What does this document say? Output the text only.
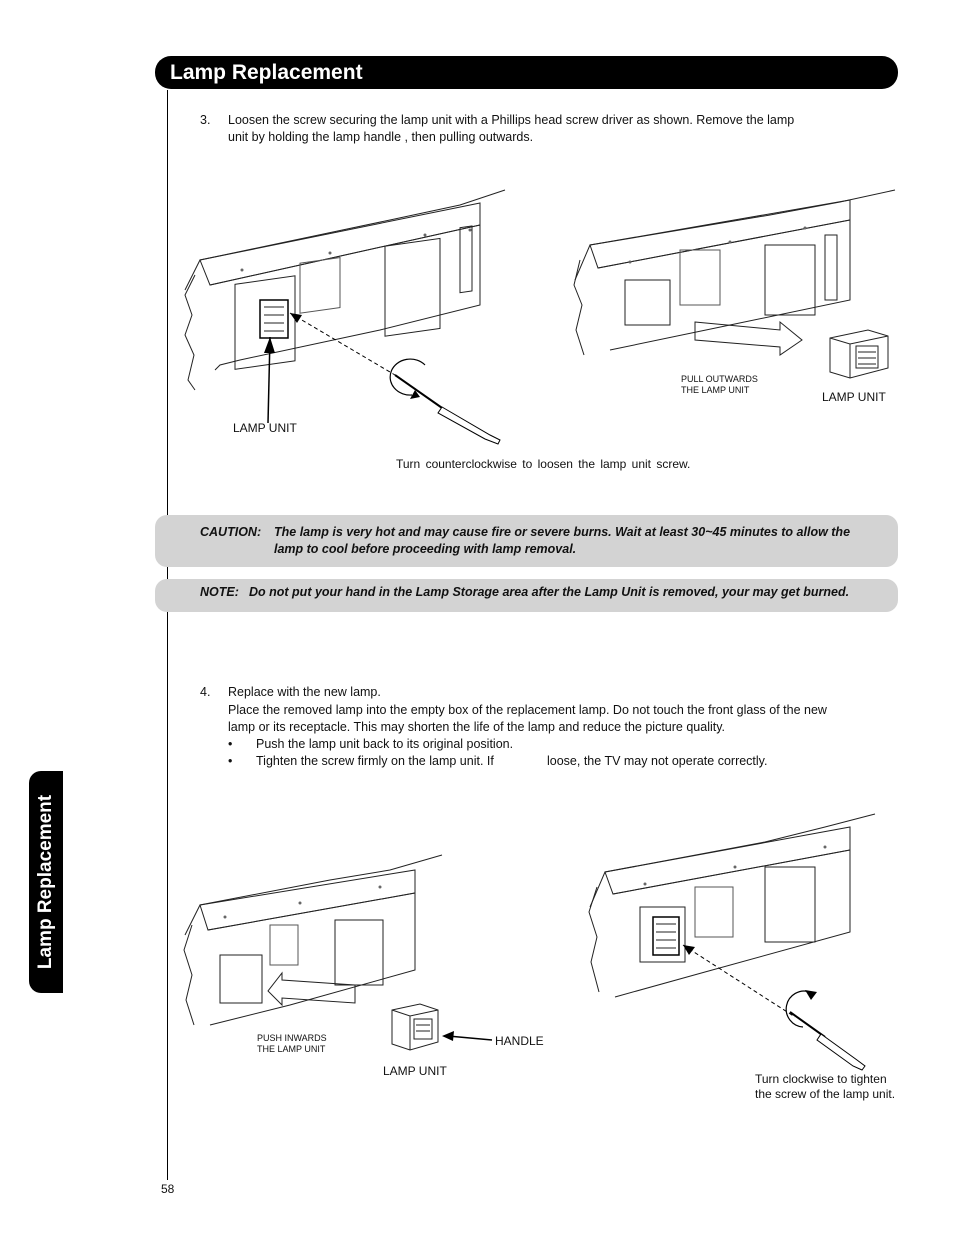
Lamp Replacement
Lamp Replacement
3. Loosen the screw securing the lamp unit with a Phillips head screw driver as shown. Remove the lamp
unit by holding the lamp handle , then pulling outwards.
LAMP UNIT
PULL OUTWARDS
THE LAMP UNIT	LAMP UNIT
Turn counterclockwise to loosen the lamp unit screw.
CAUTION: The lamp is very hot and may cause fire or severe burns. Wait at least 30~45 minutes to allow the
lamp to cool before proceeding with lamp removal.
NOTE: Do not put your hand in the Lamp Storage area after the Lamp Unit is removed, your may get burned.
4. Replace with the new lamp.
Place the removed lamp into the empty box of the replacement lamp. Do not touch the front glass of the new
lamp or its receptacle. This may shorten the life of the lamp and reduce the picture quality.
• Push the lamp unit back to its original position.
• Tighten the screw firmly on the lamp unit. If	loose, the TV may not operate correctly.
PUSH INWARDS
THE LAMP UNIT
HANDLE
LAMP UNIT
Turn clockwise to tighten
the screw of the lamp unit.
58
